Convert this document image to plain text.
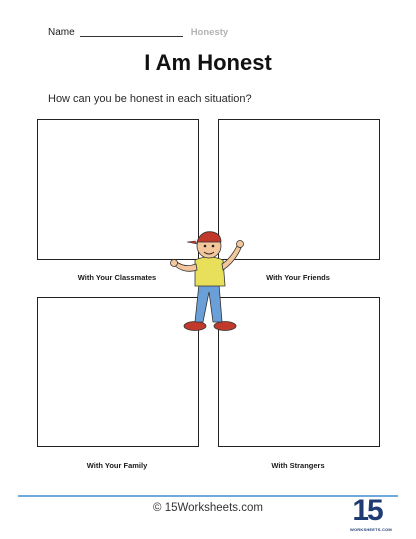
Name	Honesty
I Am Honest
How can you be honest in each situation?
With Your Classmates	With Your Friends
With Your Family	With Strangers
© 15Worksheets.com	15
WORKSHEETS.COM
